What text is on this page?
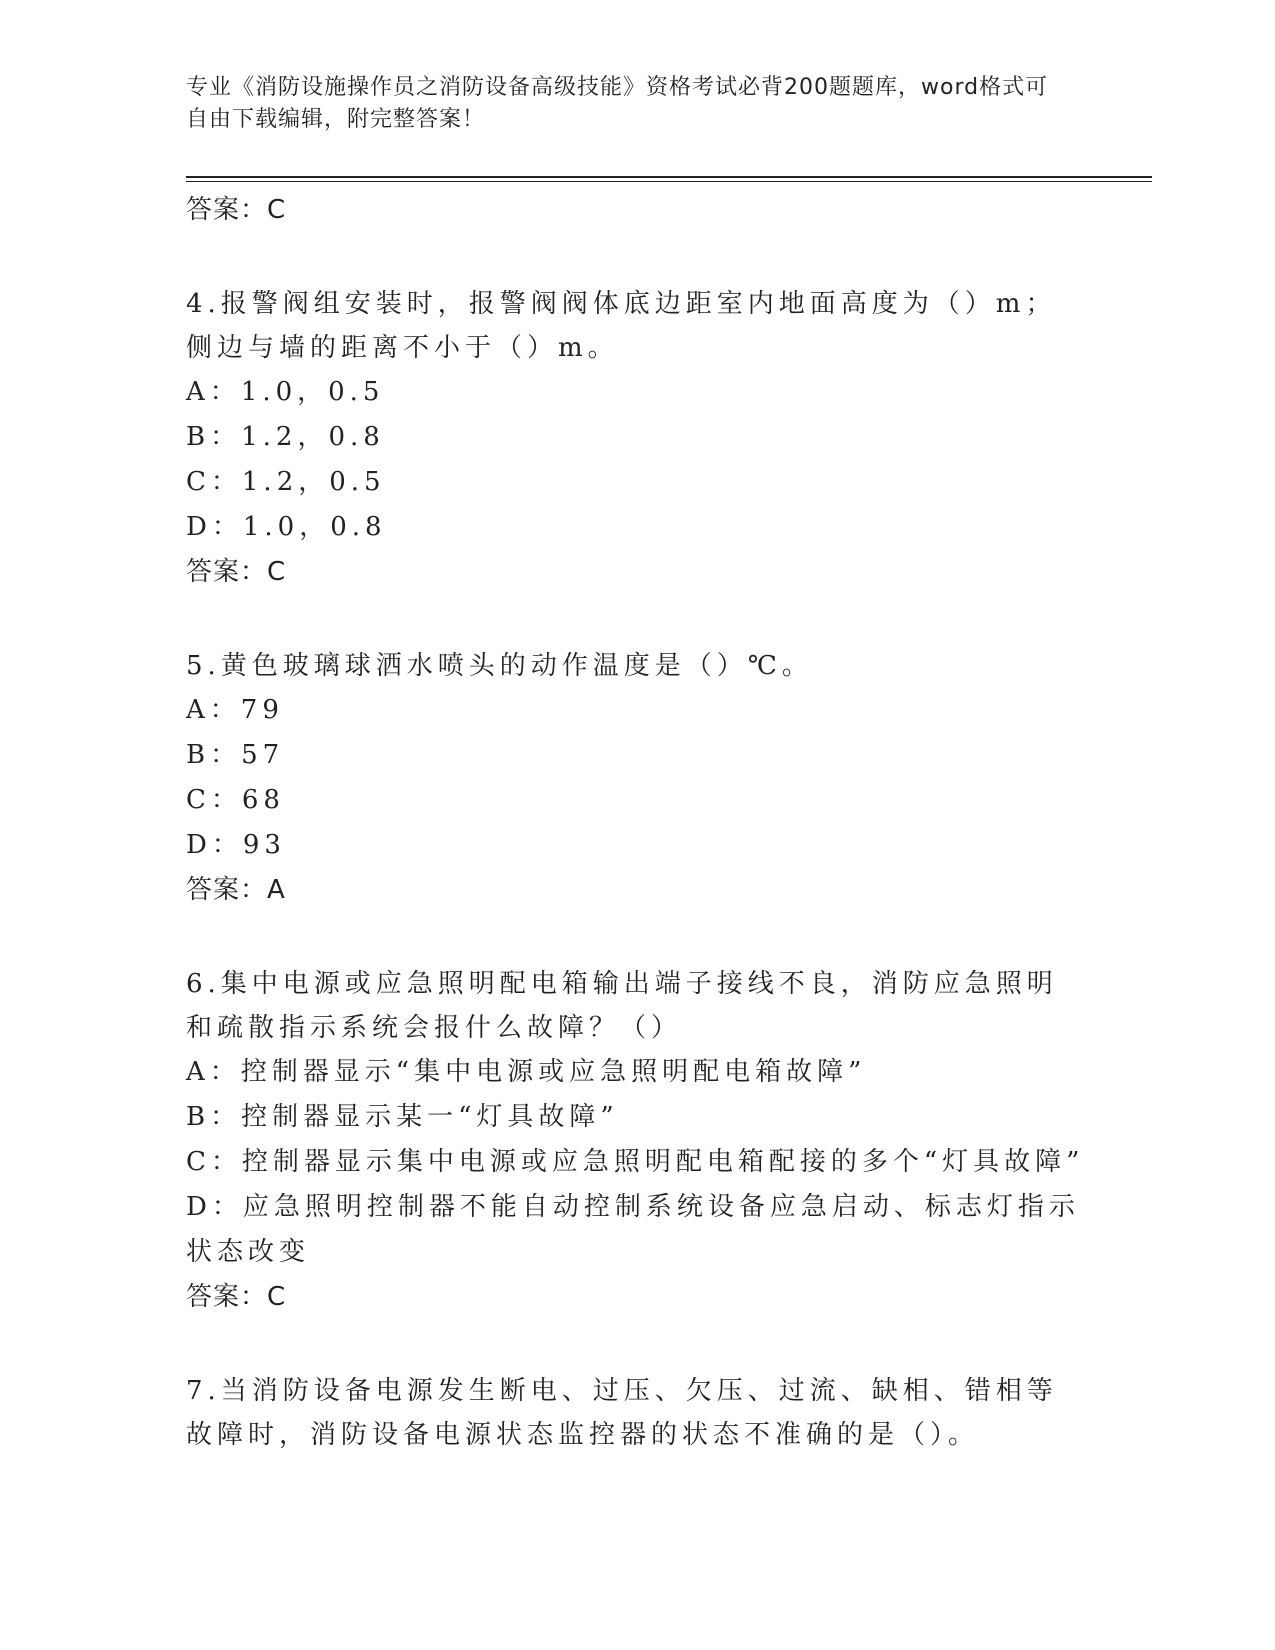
专业《消防设施操作员之消防设备高级技能》资格考试必背200题题库，word格式可自由下载编辑，附完整答案！
答案：C
4.报警阀组安装时，报警阀阀体底边距室内地面高度为（）m；侧边与墙的距离不小于（）m。
A：1.0，0.5
B：1.2，0.8
C：1.2，0.5
D：1.0，0.8
答案：C
5.黄色玻璃球洒水喷头的动作温度是（）℃。
A：79
B：57
C：68
D：93
答案：A
6.集中电源或应急照明配电箱输出端子接线不良，消防应急照明和疏散指示系统会报什么故障？（）
A：控制器显示“集中电源或应急照明配电箱故障”
B：控制器显示某一“灯具故障”
C：控制器显示集中电源或应急照明配电箱配接的多个“灯具故障”
D：应急照明控制器不能自动控制系统设备应急启动、标志灯指示状态改变
答案：C
7.当消防设备电源发生断电、过压、欠压、过流、缺相、错相等故障时，消防设备电源状态监控器的状态不准确的是（）。
